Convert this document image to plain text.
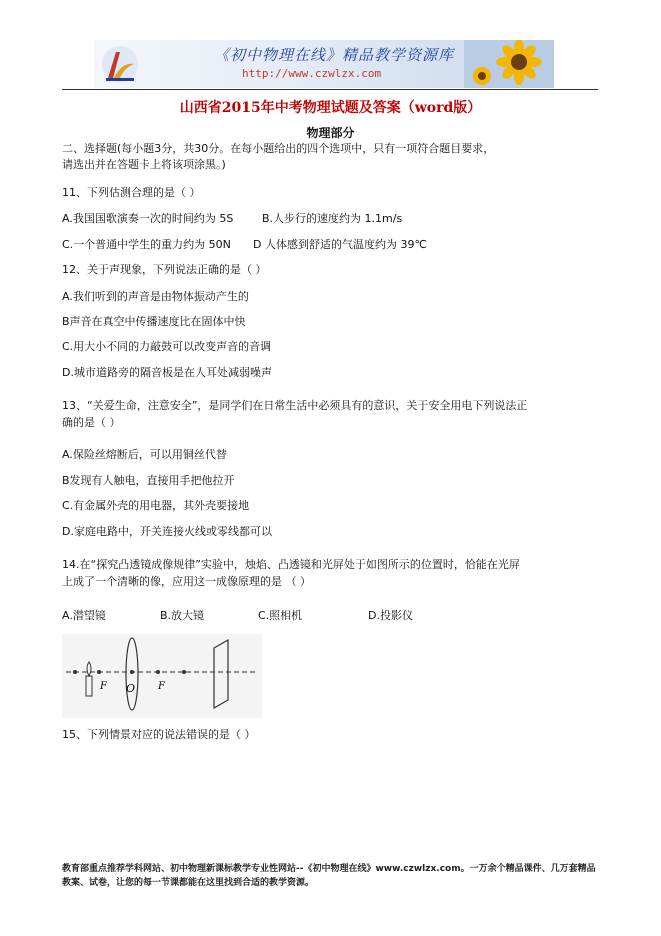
《初中物理在线》精品教学资源库
http://www.czwlzx.com
山西省2015年中考物理试题及答案（word版）
物理部分
二、选择题(每小题3分，共30分。在每小题给出的四个选项中，只有一项符合题目要求，
请选出并在答题卡上将该项涂黑。)
11、下列估测合理的是（ ）
A.我国国歌演奏一次的时间约为 5S	B.人步行的速度约为 1.1m/s
C.一个普通中学生的重力约为 50N D 人体感到舒适的气温度约为 39℃
12、关于声现象，下列说法正确的是（ ）
A.我们听到的声音是由物体振动产生的
B声音在真空中传播速度比在固体中快
C.用大小不同的力敲鼓可以改变声音的音调
D.城市道路旁的隔音板是在人耳处减弱噪声
13、“关爱生命，注意安全”，是同学们在日常生活中必须具有的意识，关于安全用电下列说法正
确的是（ ）
A.保险丝熔断后，可以用铜丝代替
B发现有人触电，直接用手把他拉开
C.有金属外壳的用电器，其外壳要接地
D.家庭电路中，开关连接火线或零线都可以
14.在“探究凸透镜成像规律”实验中，烛焰、凸透镜和光屏处于如图所示的位置时，恰能在光屏
上成了一个清晰的像，应用这一成像原理的是 （ ）
A.潜望镜	B.放大镜	C.照相机	D.投影仪
F O F
15、下列情景对应的说法错误的是（ ）
教育部重点推荐学科网站、初中物理新课标教学专业性网站--《初中物理在线》www.czwlzx.com。一万余个精品课件、几万套精品教案、试卷，让您的每一节课都能在这里找到合适的教学资源。
